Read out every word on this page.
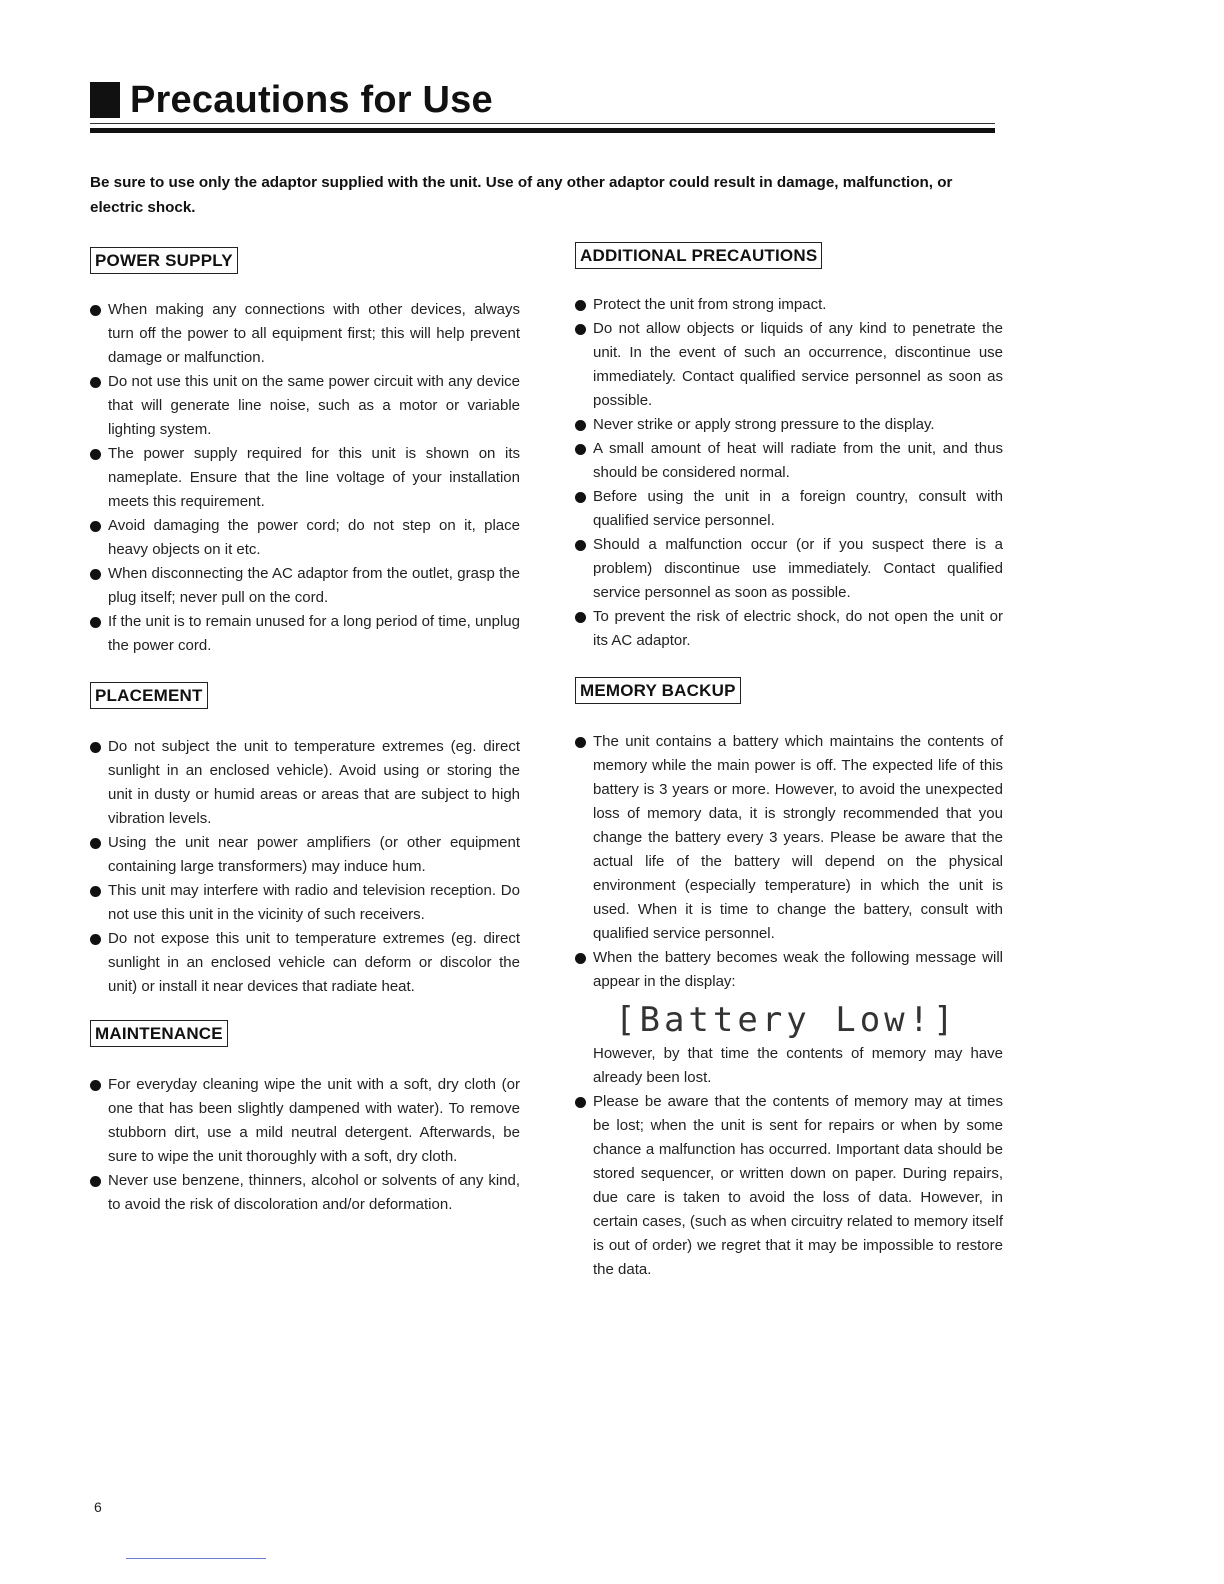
Precautions for Use

Be sure to use only the adaptor supplied with the unit. Use of any other adaptor could result in damage, malfunction, or electric shock.

POWER SUPPLY
When making any connections with other devices, always turn off the power to all equipment first; this will help prevent damage or malfunction.
Do not use this unit on the same power circuit with any device that will generate line noise, such as a motor or variable lighting system.
The power supply required for this unit is shown on its nameplate. Ensure that the line voltage of your installation meets this requirement.
Avoid damaging the power cord; do not step on it, place heavy objects on it etc.
When disconnecting the AC adaptor from the outlet, grasp the plug itself; never pull on the cord.
If the unit is to remain unused for a long period of time, unplug the power cord.
PLACEMENT
Do not subject the unit to temperature extremes (eg. direct sunlight in an enclosed vehicle). Avoid using or storing the unit in dusty or humid areas or areas that are subject to high vibration levels.
Using the unit near power amplifiers (or other equipment containing large transformers) may induce hum.
This unit may interfere with radio and television reception. Do not use this unit in the vicinity of such receivers.
Do not expose this unit to temperature extremes (eg. direct sunlight in an enclosed vehicle can deform or discolor the unit) or install it near devices that radiate heat.
MAINTENANCE
For everyday cleaning wipe the unit with a soft, dry cloth (or one that has been slightly dampened with water). To remove stubborn dirt, use a mild neutral detergent. Afterwards, be sure to wipe the unit thoroughly with a soft, dry cloth.
Never use benzene, thinners, alcohol or solvents of any kind, to avoid the risk of discoloration and/or deformation.
ADDITIONAL PRECAUTIONS
Protect the unit from strong impact.
Do not allow objects or liquids of any kind to penetrate the unit. In the event of such an occurrence, discontinue use immediately. Contact qualified service personnel as soon as possible.
Never strike or apply strong pressure to the display.
A small amount of heat will radiate from the unit, and thus should be considered normal.
Before using the unit in a foreign country, consult with qualified service personnel.
Should a malfunction occur (or if you suspect there is a problem) discontinue use immediately. Contact qualified service personnel as soon as possible.
To prevent the risk of electric shock, do not open the unit or its AC adaptor.
MEMORY BACKUP
The unit contains a battery which maintains the contents of memory while the main power is off. The expected life of this battery is 3 years or more. However, to avoid the unexpected loss of memory data, it is strongly recommended that you change the battery every 3 years. Please be aware that the actual life of the battery will depend on the physical environment (especially temperature) in which the unit is used. When it is time to change the battery, consult with qualified service personnel.
When the battery becomes weak the following message will appear in the display:
[Battery Low!]

However, by that time the contents of memory may have already been lost.

Please be aware that the contents of memory may at times be lost; when the unit is sent for repairs or when by some chance a malfunction has occurred. Important data should be stored sequencer, or written down on paper. During repairs, due care is taken to avoid the loss of data. However, in certain cases, (such as when circuitry related to memory itself is out of order) we regret that it may be impossible to restore the data.
6
